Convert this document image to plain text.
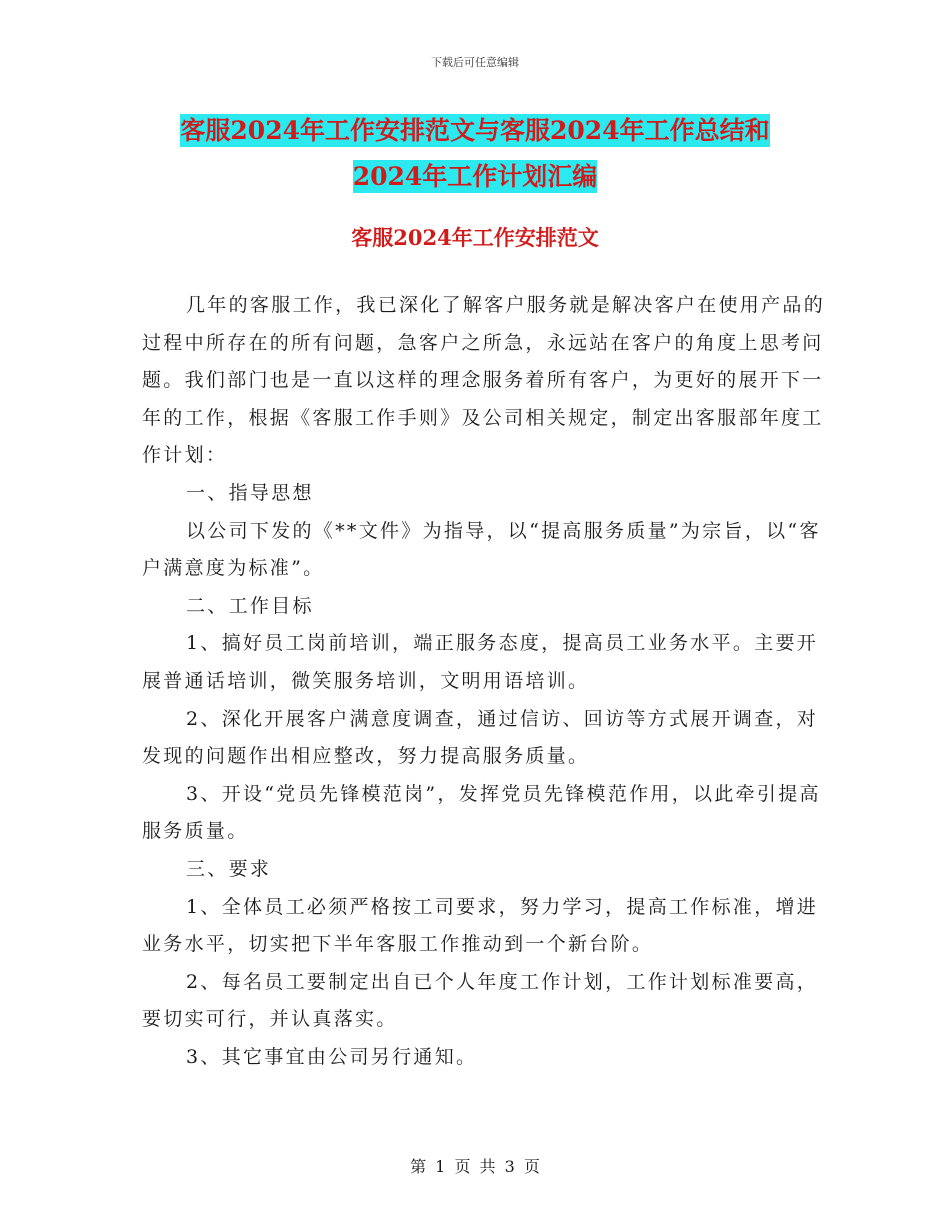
下载后可任意编辑
客服2024年工作安排范文与客服2024年工作总结和
2024年工作计划汇编
客服2024年工作安排范文

几年的客服工作，我已深化了解客户服务就是解决客户在使用产品的过程中所存在的所有问题，急客户之所急，永远站在客户的角度上思考问题。我们部门也是一直以这样的理念服务着所有客户，为更好的展开下一年的工作，根据《客服工作手则》及公司相关规定，制定出客服部年度工作计划：

一、指导思想

以公司下发的《**文件》为指导，以“提高服务质量”为宗旨，以“客户满意度为标准”。

二、工作目标

1、搞好员工岗前培训，端正服务态度，提高员工业务水平。主要开展普通话培训，微笑服务培训，文明用语培训。

2、深化开展客户满意度调查，通过信访、回访等方式展开调查，对发现的问题作出相应整改，努力提高服务质量。

3、开设“党员先锋模范岗”，发挥党员先锋模范作用，以此牵引提高服务质量。

三、要求

1、全体员工必须严格按工司要求，努力学习，提高工作标准，增进业务水平，切实把下半年客服工作推动到一个新台阶。

2、每名员工要制定出自已个人年度工作计划，工作计划标准要高，要切实可行，并认真落实。

3、其它事宜由公司另行通知。

第 1 页 共 3 页
